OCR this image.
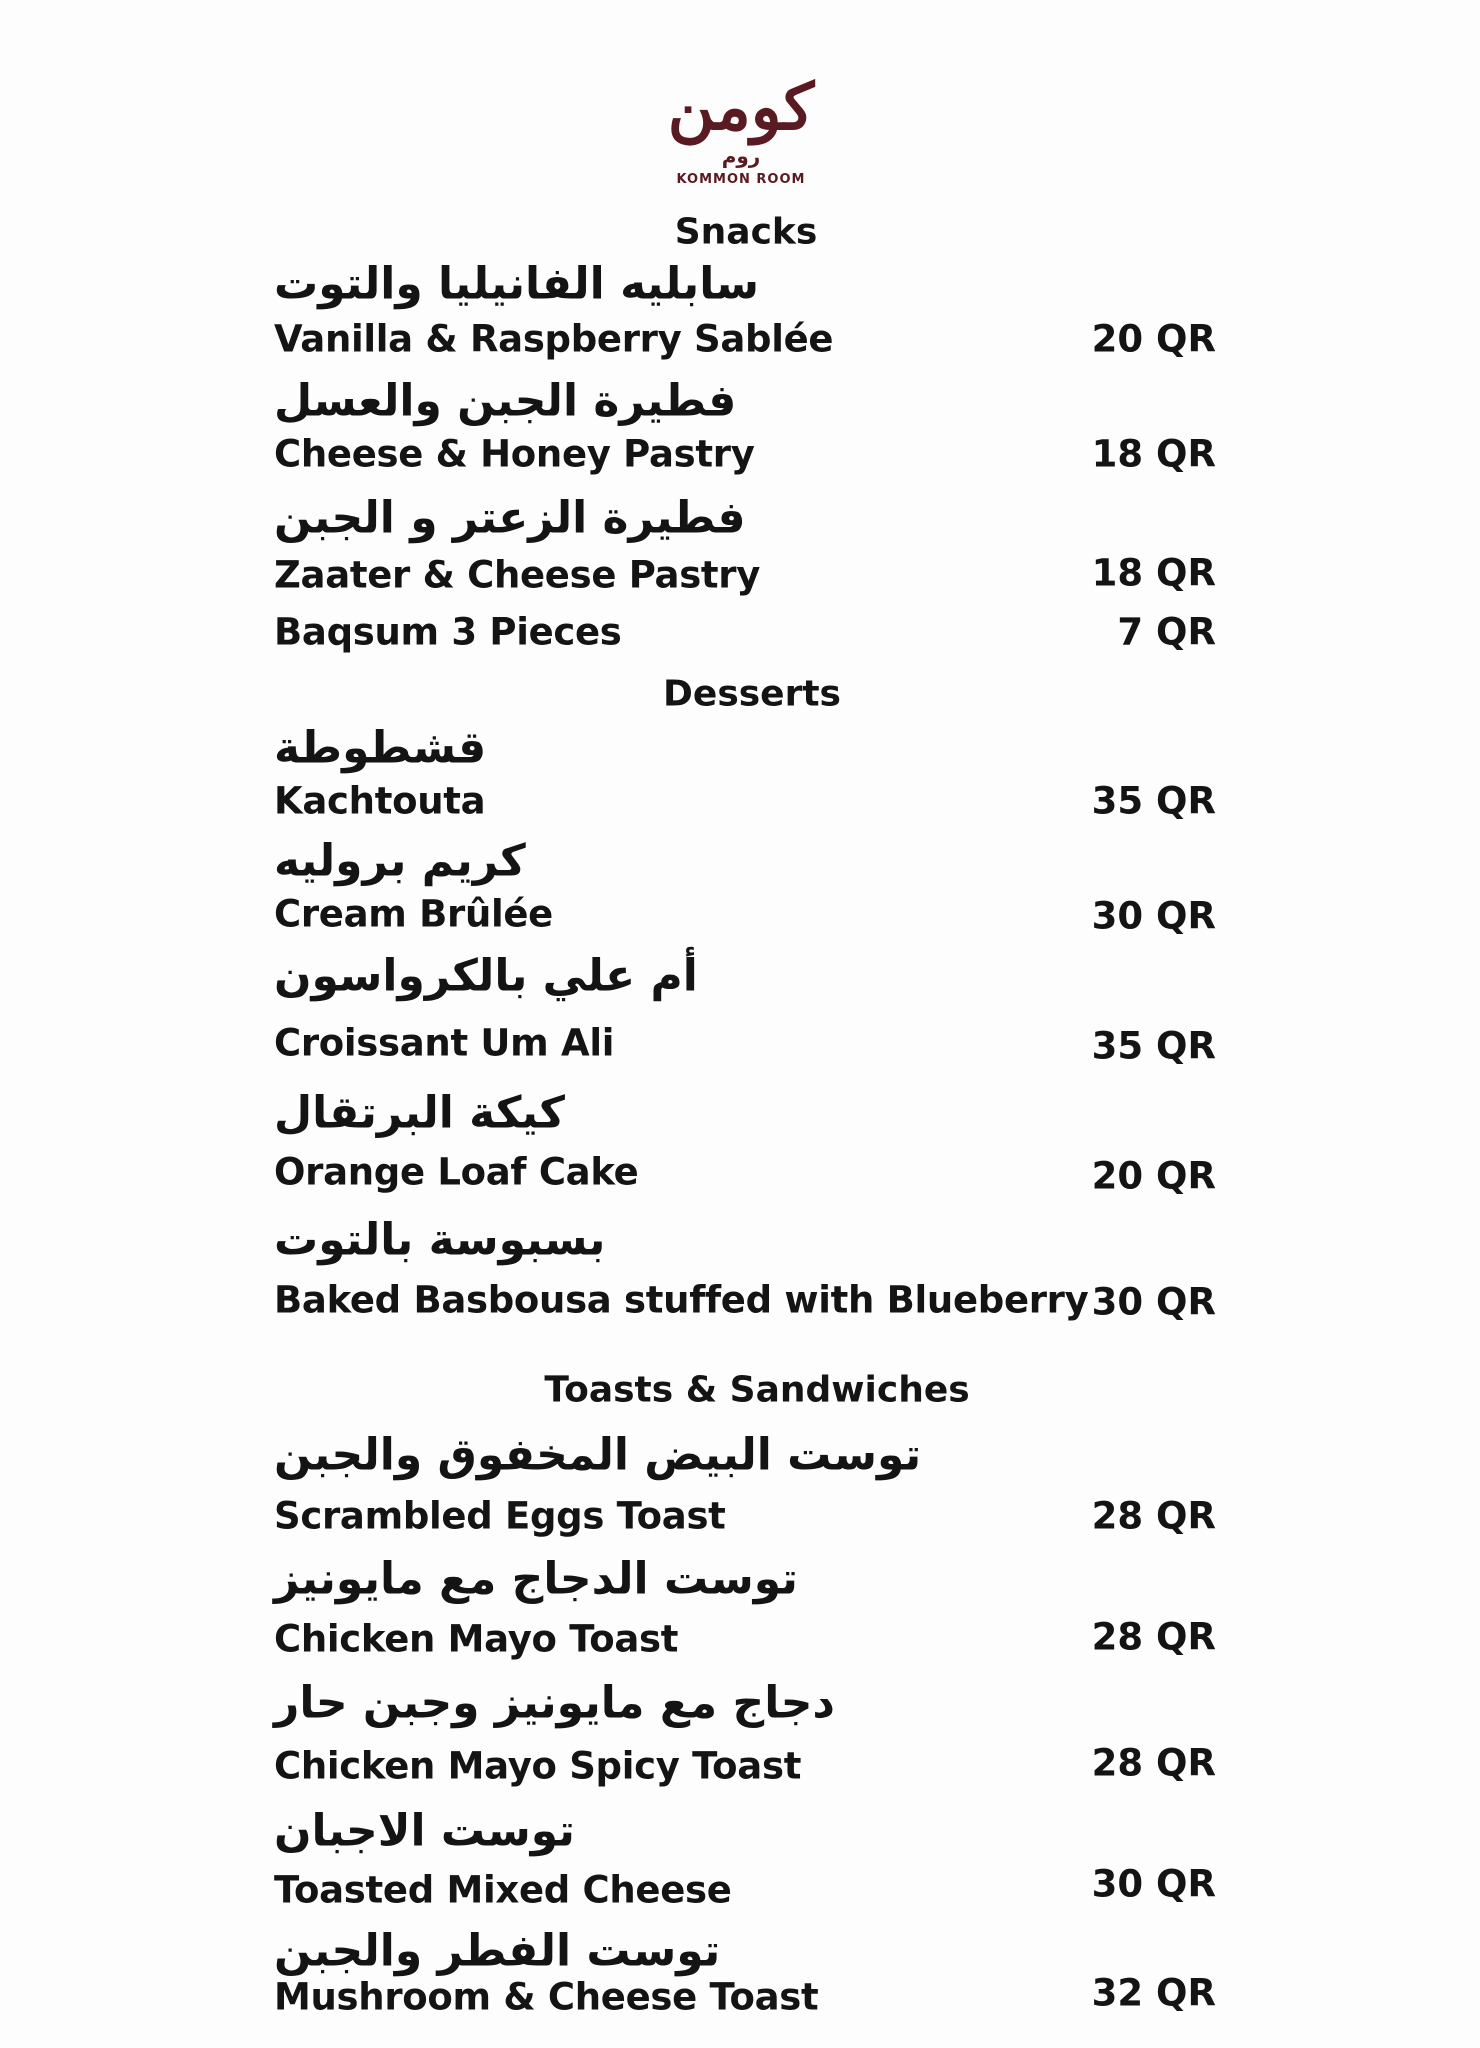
كومن
روم
KOMMON ROOM
Snacks
سابليه الفانيليا والتوت
Vanilla & Raspberry Sablée	20 QR
فطيرة الجبن والعسل
Cheese & Honey Pastry	18 QR
فطيرة الزعتر و الجبن
Zaater & Cheese Pastry	18 QR
Baqsum 3 Pieces	7 QR
Desserts
قشطوطة
Kachtouta	35 QR
كريم بروليه
Cream Brûlée	30 QR
أم علي بالكرواسون
Croissant Um Ali	35 QR
كيكة البرتقال
Orange Loaf Cake	20 QR
بسبوسة بالتوت
Baked Basbousa stuffed with Blueberry 30 QR
Toasts & Sandwiches
توست البيض المخفوق والجبن
Scrambled Eggs Toast	28 QR
توست الدجاج مع مايونيز
Chicken Mayo Toast	28 QR
دجاج مع مايونيز وجبن حار
Chicken Mayo Spicy Toast	28 QR
توست الاجبان
Toasted Mixed Cheese	30 QR
توست الفطر والجبن
Mushroom & Cheese Toast	32 QR
